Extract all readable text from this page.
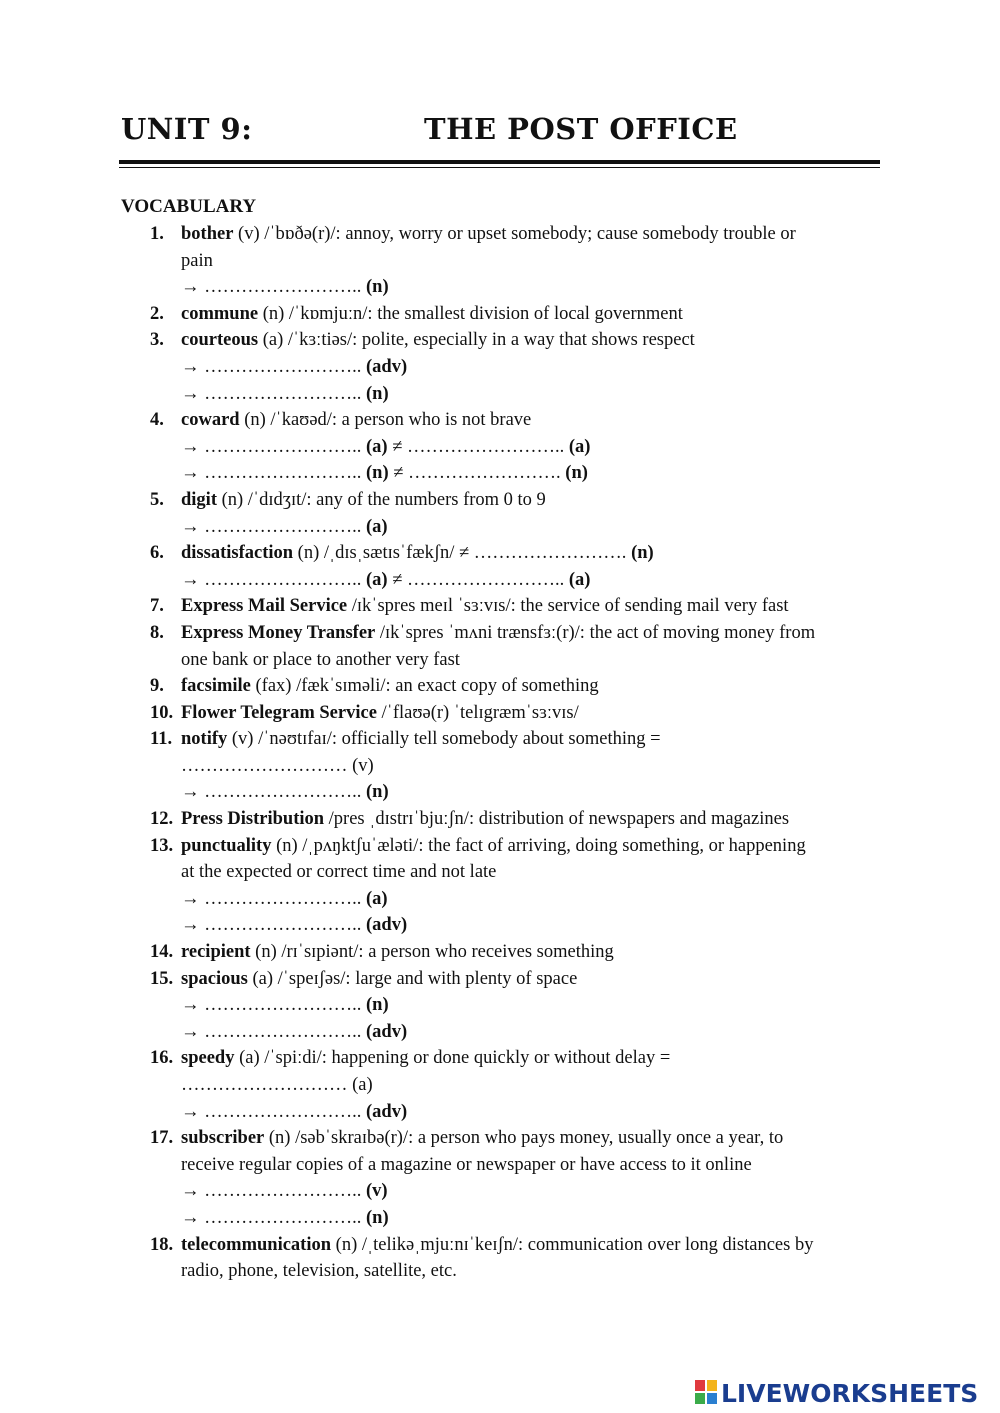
UNIT 9:	THE POST OFFICE
VOCABULARY
1. bother (v) /ˈbɒðə(r)/: annoy, worry or upset somebody; cause somebody trouble or
pain
→ …………………….. (n)
2. commune (n) /ˈkɒmjuːn/: the smallest division of local government
3. courteous (a) /ˈkɜːtiəs/: polite, especially in a way that shows respect
→ …………………….. (adv)
→ …………………….. (n)
4. coward (n) /ˈkaʊəd/: a person who is not brave
→ …………………….. (a) ≠ …………………….. (a)
→ …………………….. (n) ≠ ……………………. (n)
5. digit (n) /ˈdɪdʒɪt/: any of the numbers from 0 to 9
→ …………………….. (a)
6. dissatisfaction (n) /ˌdɪsˌsætɪsˈfækʃn/ ≠ ……………………. (n)
→ …………………….. (a) ≠ …………………….. (a)
7. Express Mail Service /ɪkˈspres meɪl ˈsɜːvɪs/: the service of sending mail very fast
8. Express Money Transfer /ɪkˈspres ˈmʌni trænsfɜː(r)/: the act of moving money from
one bank or place to another very fast
9. facsimile (fax) /fækˈsɪməli/: an exact copy of something
10. Flower Telegram Service /ˈflaʊə(r) ˈtelɪgræmˈsɜːvɪs/
11. notify (v) /ˈnəʊtɪfaɪ/: officially tell somebody about something =
……………………… (v)
→ …………………….. (n)
12. Press Distribution /pres ˌdɪstrɪˈbjuːʃn/: distribution of newspapers and magazines
13. punctuality (n) /ˌpʌŋktʃuˈæləti/: the fact of arriving, doing something, or happening
at the expected or correct time and not late
→ …………………….. (a)
→ …………………….. (adv)
14. recipient (n) /rɪˈsɪpiənt/: a person who receives something
15. spacious (a) /ˈspeɪʃəs/: large and with plenty of space
→ …………………….. (n)
→ …………………….. (adv)
16. speedy (a) /ˈspiːdi/: happening or done quickly or without delay =
……………………… (a)
→ …………………….. (adv)
17. subscriber (n) /səbˈskraɪbə(r)/: a person who pays money, usually once a year, to
receive regular copies of a magazine or newspaper or have access to it online
→ …………………….. (v)
→ …………………….. (n)
18. telecommunication (n) /ˌtelikəˌmjuːnɪˈkeɪʃn/: communication over long distances by
radio, phone, television, satellite, etc.
LIVEWORKSHEETS
